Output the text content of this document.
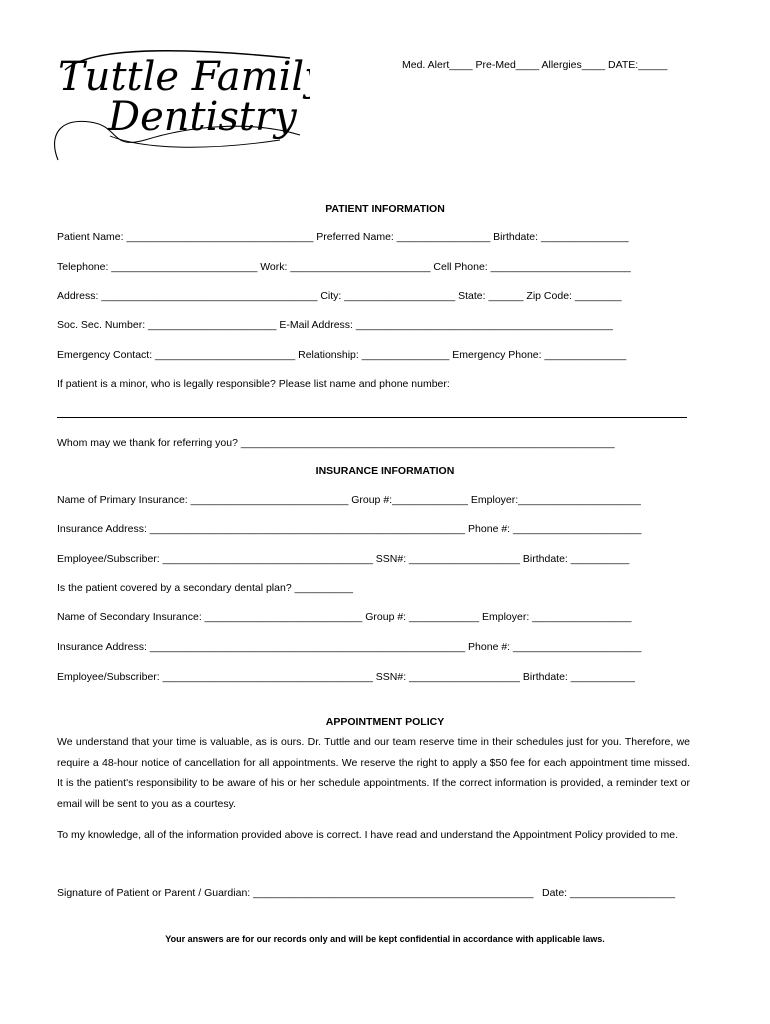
Tuttle Family
Dentistry
Med. Alert____ Pre-Med____ Allergies____ DATE:_____
PATIENT INFORMATION
Patient Name: ________________________________ Preferred Name: ________________ Birthdate: _______________
Telephone: _________________________ Work: ________________________ Cell Phone: ________________________
Address: _____________________________________ City: ___________________ State: ______ Zip Code: ________
Soc. Sec. Number: ______________________ E-Mail Address: ____________________________________________
Emergency Contact: ________________________ Relationship: _______________ Emergency Phone: ______________
If patient is a minor, who is legally responsible? Please list name and phone number:
Whom may we thank for referring you? ________________________________________________________________
INSURANCE INFORMATION
Name of Primary Insurance: ___________________________ Group #:_____________ Employer:_____________________
Insurance Address: ______________________________________________________ Phone #: ______________________
Employee/Subscriber: ____________________________________ SSN#: ___________________ Birthdate: __________
Is the patient covered by a secondary dental plan? __________
Name of Secondary Insurance: ___________________________ Group #: ____________ Employer: _________________
Insurance Address: ______________________________________________________ Phone #: ______________________
Employee/Subscriber: ____________________________________ SSN#: ___________________ Birthdate: ___________
APPOINTMENT POLICY
We understand that your time is valuable, as is ours. Dr. Tuttle and our team reserve time in their schedules just for you. Therefore, we require a 48-hour notice of cancellation for all appointments. We reserve the right to apply a $50 fee for each appointment time missed. It is the patient's responsibility to be aware of his or her schedule appointments. If the correct information is provided, a reminder text or email will be sent to you as a courtesy.
To my knowledge, all of the information provided above is correct. I have read and understand the Appointment Policy provided to me.
Signature of Patient or Parent / Guardian: ________________________________________________ Date: __________________
Your answers are for our records only and will be kept confidential in accordance with applicable laws.
